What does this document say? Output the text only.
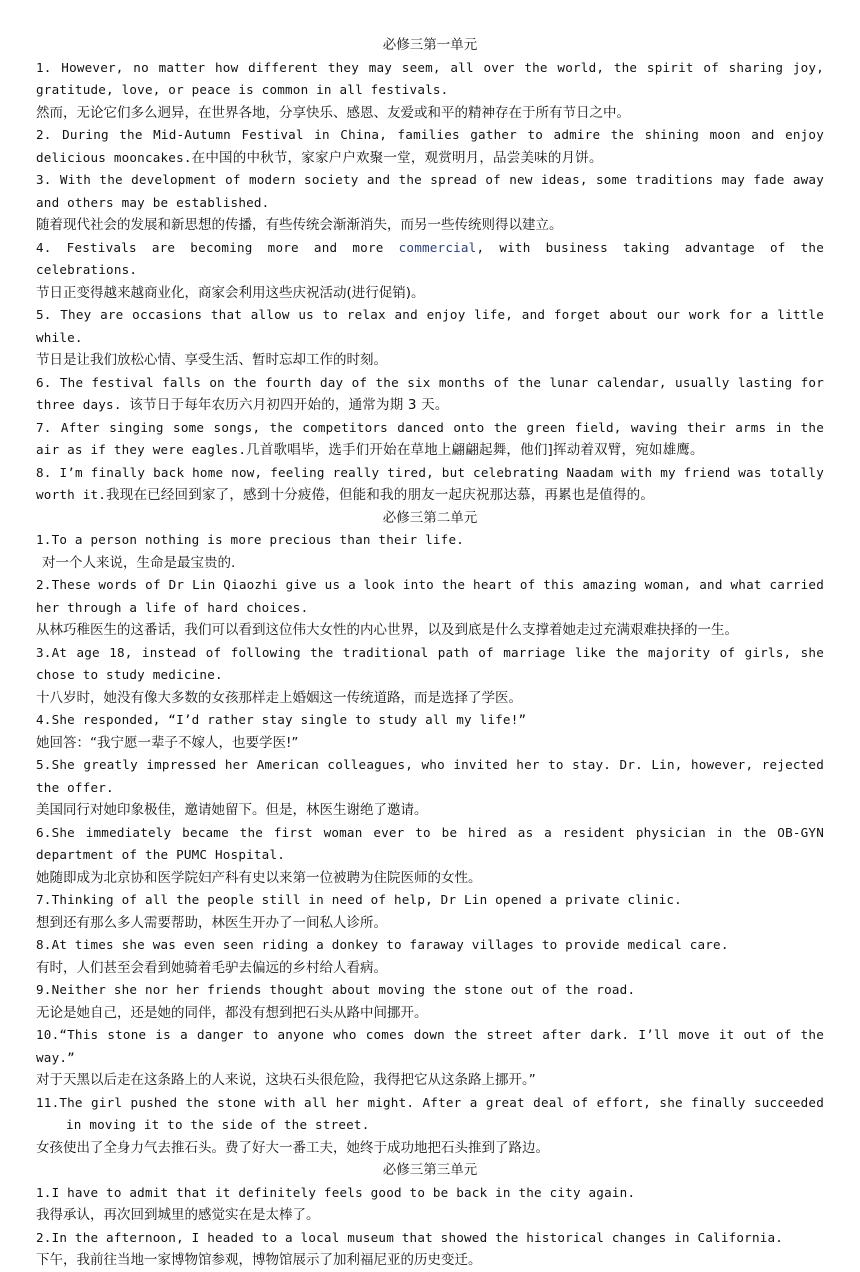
必修三第一单元

1. However, no matter how different they may seem, all over the world, the spirit of sharing joy, gratitude, love, or peace is common in all festivals.

然而，无论它们多么迥异，在世界各地，分享快乐、感恩、友爱或和平的精神存在于所有节日之中。

2. During the Mid-Autumn Festival in China, families gather to admire the shining moon and enjoy delicious mooncakes.在中国的中秋节，家家户户欢聚一堂，观赏明月，品尝美味的月饼。

3. With the development of modern society and the spread of new ideas, some traditions may fade away and others may be established.

随着现代社会的发展和新思想的传播，有些传统会渐渐消失，而另一些传统则得以建立。

4. Festivals are becoming more and more commercial, with business taking advantage of the celebrations.

节日正变得越来越商业化，商家会利用这些庆祝活动(进行促销)。

5. They are occasions that allow us to relax and enjoy life, and forget about our work for a little while.

节日是让我们放松心情、享受生活、暂时忘却工作的时刻。

6. The festival falls on the fourth day of the six months of the lunar calendar, usually lasting for three days. 该节日于每年农历六月初四开始的，通常为期 3 天。

7. After singing some songs, the competitors danced onto the green field, waving their arms in the air as if they were eagles.几首歌唱毕，选手们开始在草地上翩翩起舞，他们]挥动着双臂，宛如雄鹰。

8. I’m finally back home now, feeling really tired, but celebrating Naadam with my friend was totally worth it.我现在已经回到家了，感到十分疲倦，但能和我的朋友一起庆祝那达慕，再累也是值得的。

必修三第二单元

1.To a person nothing is more precious than their life.

对一个人来说，生命是最宝贵的.

2.These words of Dr Lin Qiaozhi give us a look into the heart of this amazing woman, and what carried her through a life of hard choices.

从林巧稚医生的这番话，我们可以看到这位伟大女性的内心世界，以及到底是什么支撑着她走过充满艰难抉择的一生。

3.At age 18, instead of following the traditional path of marriage like the majority of girls, she chose to study medicine.

十八岁时，她没有像大多数的女孩那样走上婚姻这一传统道路，而是选择了学医。

4.She responded, “I’d rather stay single to study all my life!”

她回答：“我宁愿一辈子不嫁人，也要学医!”

5.She greatly impressed her American colleagues, who invited her to stay. Dr. Lin, however, rejected the offer.

美国同行对她印象极佳，邀请她留下。但是，林医生谢绝了邀请。

6.She immediately became the first woman ever to be hired as a resident physician in the OB-GYN department of the PUMC Hospital.

她随即成为北京协和医学院妇产科有史以来第一位被聘为住院医师的女性。

7.Thinking of all the people still in need of help, Dr Lin opened a private clinic.

想到还有那么多人需要帮助，林医生开办了一间私人诊所。

8.At times she was even seen riding a donkey to faraway villages to provide medical care.

有时，人们甚至会看到她骑着毛驴去偏远的乡村给人看病。

9.Neither she nor her friends thought about moving the stone out of the road.

无论是她自己，还是她的同伴，都没有想到把石头从路中间挪开。

10.“This stone is a danger to anyone who comes down the street after dark. I’ll move it out of the way.”

对于天黑以后走在这条路上的人来说，这块石头很危险，我得把它从这条路上挪开。”

11.The girl pushed the stone with all her might. After a great deal of effort, she finally succeeded in moving it to the side of the street.

女孩使出了全身力气去推石头。费了好大一番工夫，她终于成功地把石头推到了路边。

必修三第三单元

1.I have to admit that it definitely feels good to be back in the city again.

我得承认，再次回到城里的感觉实在是太棒了。

2.In the afternoon, I headed to a local museum that showed the historical changes in California.

下午，我前往当地一家博物馆参观，博物馆展示了加利福尼亚的历史变迁。
